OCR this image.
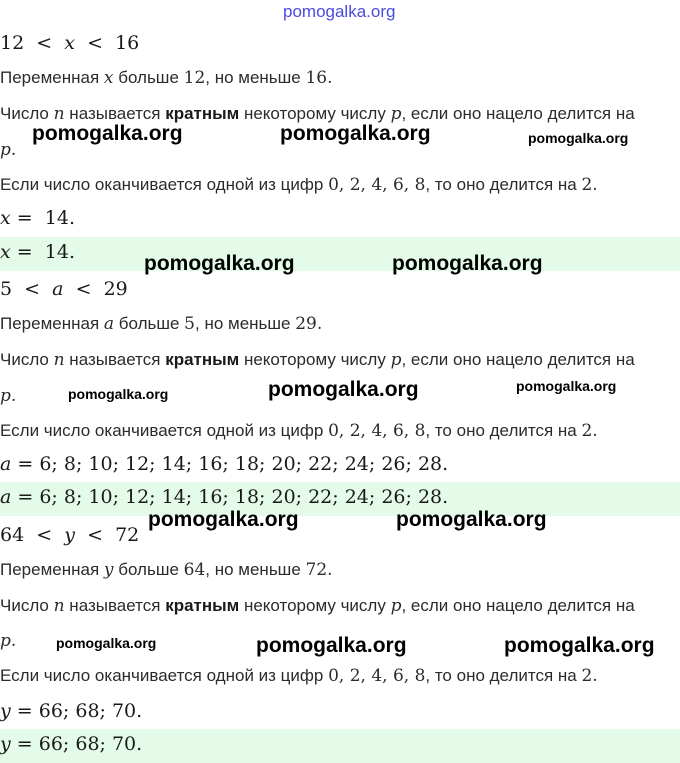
pomogalka.org
12  <  x  <  16
Переменная x больше 12, но меньше 16.
Число n называется кратным некоторому числу p, если оно нацело делится на
p.
pomogalka.org	pomogalka.org	pomogalka.org
Если число оканчивается одной из цифр 0, 2, 4, 6, 8, то оно делится на 2.
x =  14.
x =  14.	pomogalka.org	pomogalka.org
5  <  a  <  29
Переменная a больше 5, но меньше 29.
Число n называется кратным некоторому числу p, если оно нацело делится на
p.	pomogalka.org	pomogalka.org	pomogalka.org
Если число оканчивается одной из цифр 0, 2, 4, 6, 8, то оно делится на 2.
a = 6; 8; 10; 12; 14; 16; 18; 20; 22; 24; 26; 28.
a = 6; 8; 10; 12; 14; 16; 18; 20; 22; 24; 26; 28.
pomogalka.org	pomogalka.org
64  <  y  <  72
Переменная y больше 64, но меньше 72.
Число n называется кратным некоторому числу p, если оно нацело делится на
p.	pomogalka.org	pomogalka.org	pomogalka.org
Если число оканчивается одной из цифр 0, 2, 4, 6, 8, то оно делится на 2.
y = 66; 68; 70.
y = 66; 68; 70.
